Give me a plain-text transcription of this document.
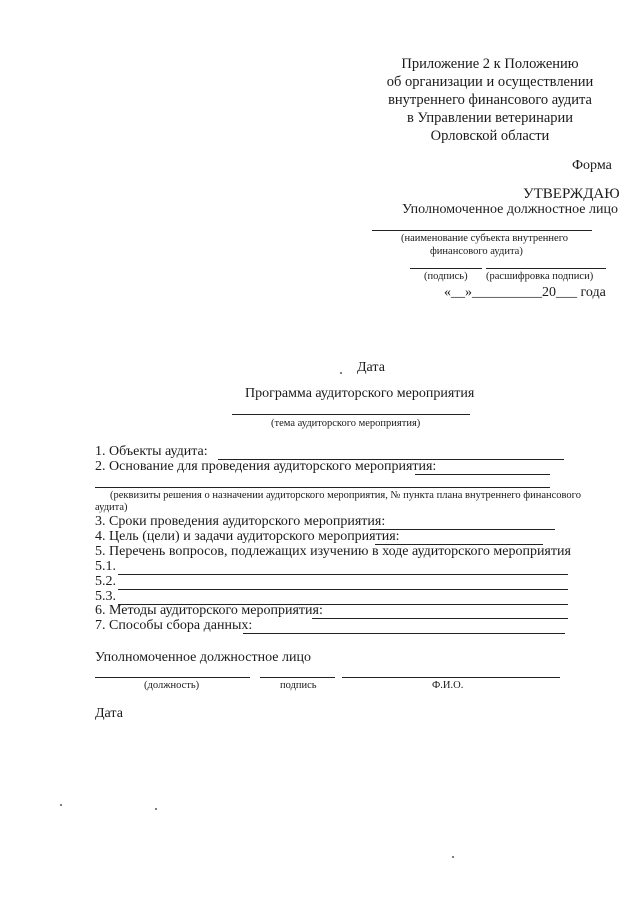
Приложение 2 к Положению
об организации и осуществлении
внутреннего финансового аудита
в Управлении ветеринарии
Орловской области
Форма
УТВЕРЖДАЮ
Уполномоченное должностное лицо
(наименование субъекта внутреннего
финансового аудита)
(подпись) (расшифровка подписи)
«__»__________20___ года
Дата
Программа аудиторского мероприятия
(тема аудиторского мероприятия)
1. Объекты аудита:
2. Основание для проведения аудиторского мероприятия:
(реквизиты решения о назначении аудиторского мероприятия, № пункта плана внутреннего финансового
аудита)
3. Сроки проведения аудиторского мероприятия:
4. Цель (цели) и задачи аудиторского мероприятия:
5. Перечень вопросов, подлежащих изучению в ходе аудиторского мероприятия
5.1.
5.2.
5.3.
6. Методы аудиторского мероприятия:
7. Способы сбора данных:
Уполномоченное должностное лицо
(должность)	подпись	Ф.И.О.
Дата
